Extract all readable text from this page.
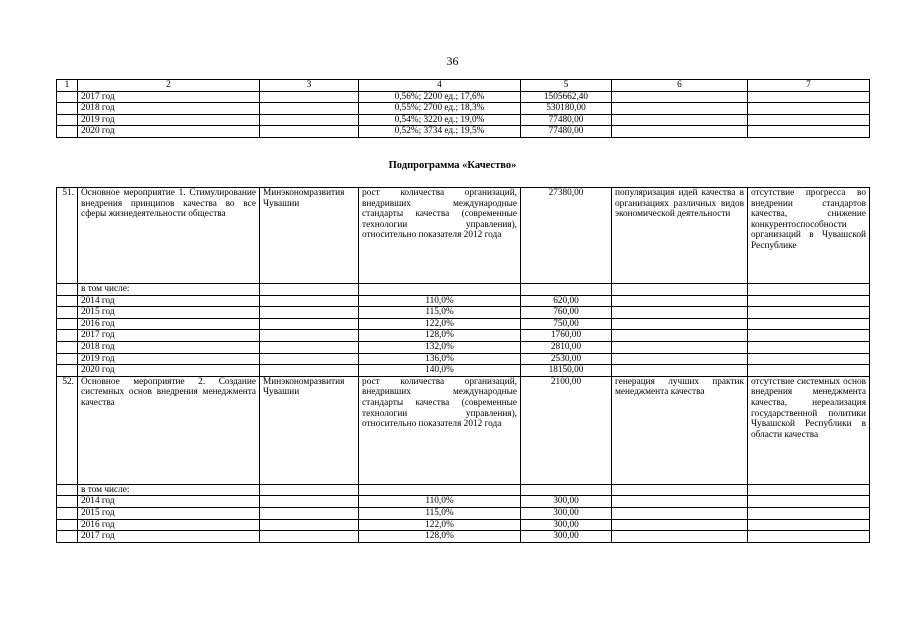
36
1	2	3	4	5	6	7
	2017 год		0,56%; 2200 ед.; 17,6%	1505662,40		
	2018 год		0,55%; 2700 ед.; 18,3%	530180,00		
	2019 год		0,54%; 3220 ед.; 19,0%	77480,00		
	2020 год		0,52%; 3734 ед.; 19,5%	77480,00		
Подпрограмма «Качество»
51.	Основное мероприятие 1. Стимулирование внедрения принципов качества во все сферы жизнедеятельности общества	Минэкономразвития Чувашии	рост количества организаций, внедривших международные стандарты качества (современные технологии управления), относительно показателя 2012 года	27380,00	популяризация идей качества в организациях различных видов экономической деятельности	отсутствие прогресса во внедрении стандартов качества, снижение конкурентоспособности организаций в Чувашской Республике
	в том числе:					
	2014 год		110,0%	620,00		
	2015 год		115,0%	760,00		
	2016 год		122,0%	750,00		
	2017 год		128,0%	1760,00		
	2018 год		132,0%	2810,00		
	2019 год		136,0%	2530,00		
	2020 год		140,0%	18150,00		
52.	Основное мероприятие 2. Создание системных основ внедрения менеджмента качества	Минэкономразвития Чувашии	рост количества организаций, внедривших международные стандарты качества (современные технологии управления), относительно показателя 2012 года	2100,00	генерация лучших практик менеджмента качества	отсутствие системных основ внедрения менеджмента качества, нереализация государственной политики Чувашской Республики в области качества
	в том числе:					
	2014 год		110,0%	300,00		
	2015 год		115,0%	300,00		
	2016 год		122,0%	300,00		
	2017 год		128,0%	300,00		
